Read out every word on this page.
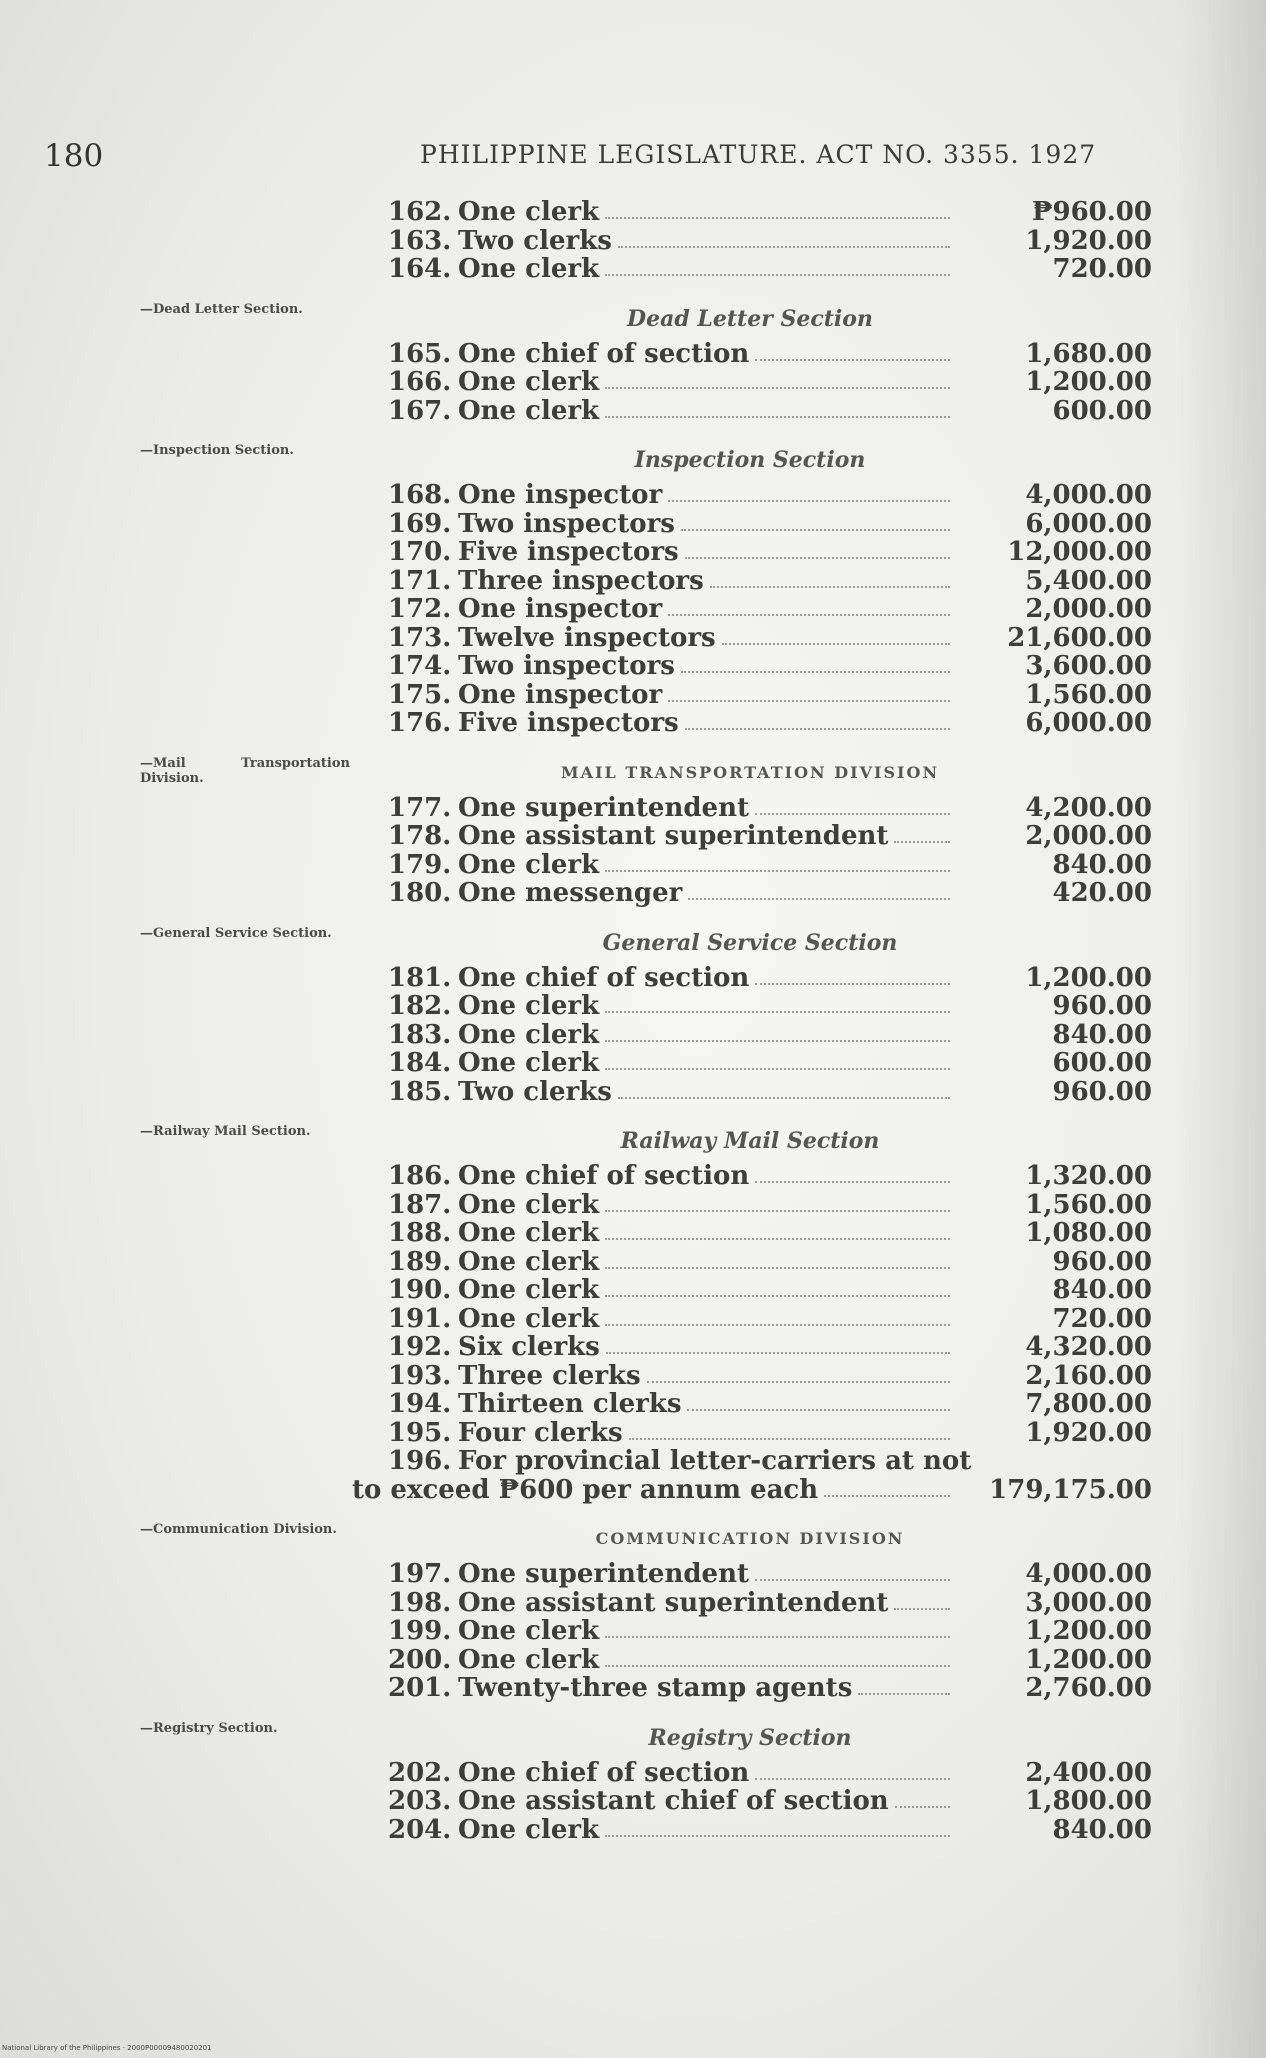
180	PHILIPPINE LEGISLATURE. ACT NO. 3355. 1927
162. One clerk	₱960.00
163. Two clerks	1,920.00
164. One clerk	720.00
—Dead Letter Section.	Dead Letter Section
165. One chief of section	1,680.00
166. One clerk	1,200.00
167. One clerk	600.00
—Inspection Section.	Inspection Section
168. One inspector	4,000.00
169. Two inspectors	6,000.00
170. Five inspectors	12,000.00
171. Three inspectors	5,400.00
172. One inspector	2,000.00
173. Twelve inspectors	21,600.00
174. Two inspectors	3,600.00
175. One inspector	1,560.00
176. Five inspectors	6,000.00
—Mail Transportation Division.	MAIL TRANSPORTATION DIVISION
177. One superintendent	4,200.00
178. One assistant superintendent	2,000.00
179. One clerk	840.00
180. One messenger	420.00
—General Service Section.	General Service Section
181. One chief of section	1,200.00
182. One clerk	960.00
183. One clerk	840.00
184. One clerk	600.00
185. Two clerks	960.00
—Railway Mail Section.	Railway Mail Section
186. One chief of section	1,320.00
187. One clerk	1,560.00
188. One clerk	1,080.00
189. One clerk	960.00
190. One clerk	840.00
191. One clerk	720.00
192. Six clerks	4,320.00
193. Three clerks	2,160.00
194. Thirteen clerks	7,800.00
195. Four clerks	1,920.00
196. For provincial letter-carriers at not
to exceed ₱600 per annum each	179,175.00
—Communication Division.	COMMUNICATION DIVISION
197. One superintendent	4,000.00
198. One assistant superintendent	3,000.00
199. One clerk	1,200.00
200. One clerk	1,200.00
201. Twenty-three stamp agents	2,760.00
—Registry Section.	Registry Section
202. One chief of section	2,400.00
203. One assistant chief of section	1,800.00
204. One clerk	840.00
National Library of the Philippines · 2000P00009480020201
